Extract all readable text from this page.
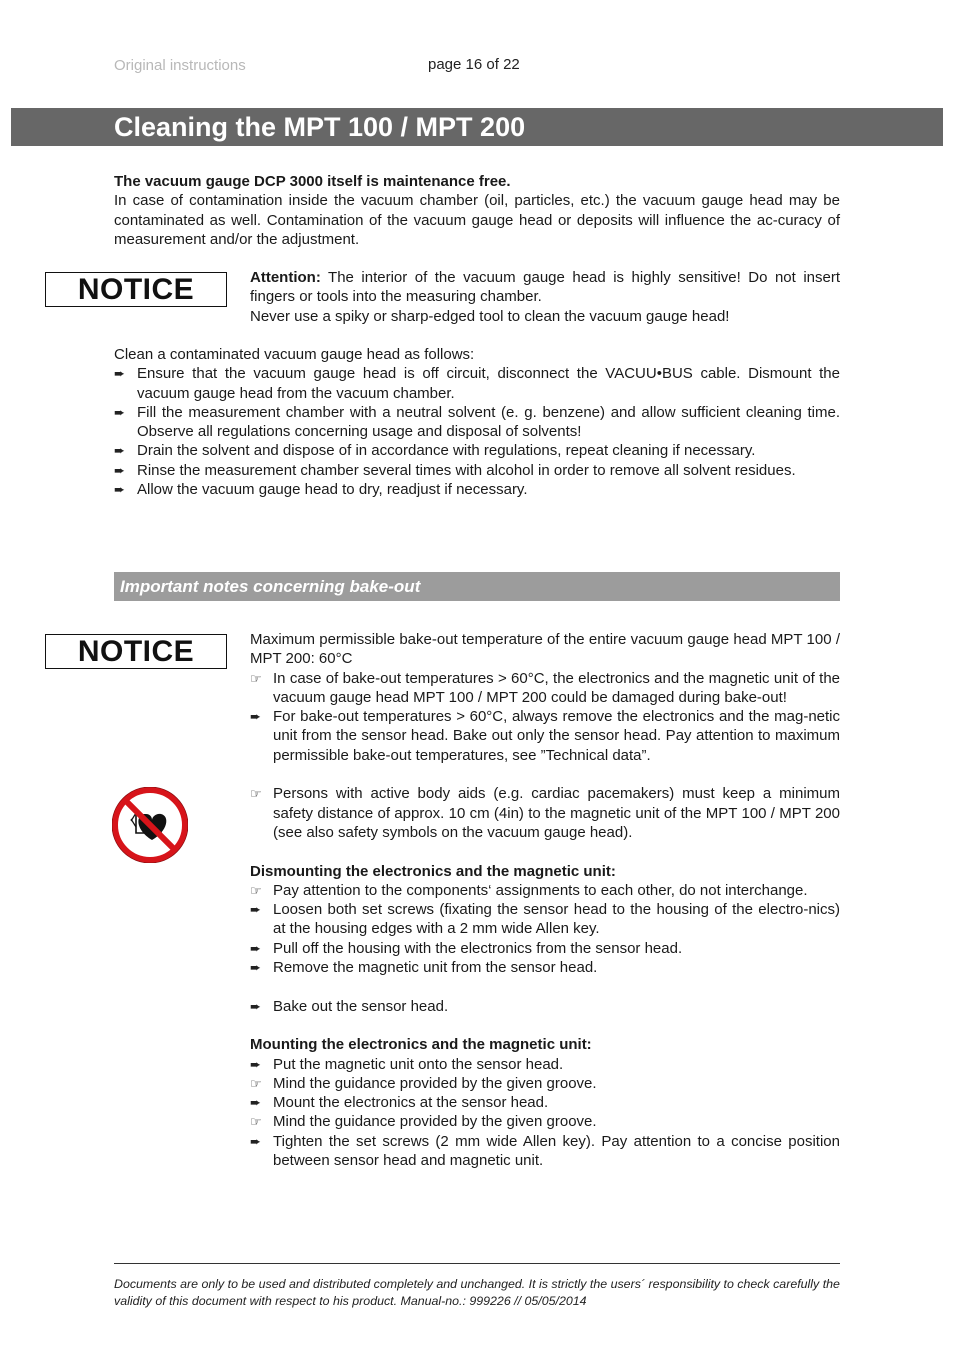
Original instructions	page 16 of 22
Cleaning the MPT 100 / MPT 200
The vacuum gauge DCP 3000 itself is maintenance free.
In case of contamination inside the vacuum chamber (oil, particles, etc.) the vacuum gauge head may be contaminated as well. Contamination of the vacuum gauge head or deposits will influence the ac-curacy of measurement and/or the adjustment.
NOTICE	Attention: The interior of the vacuum gauge head is highly sensitive! Do not insert fingers or tools into the measuring chamber.
Never use a spiky or sharp-edged tool to clean the vacuum gauge head!
Clean a contaminated vacuum gauge head as follows:
➨ Ensure that the vacuum gauge head is off circuit, disconnect the VACUU•BUS cable. Dismount the vacuum gauge head from the vacuum chamber.
➨ Fill the measurement chamber with a neutral solvent (e. g. benzene) and allow sufficient cleaning time. Observe all regulations concerning usage and disposal of solvents!
➨ Drain the solvent and dispose of in accordance with regulations, repeat cleaning if necessary.
➨ Rinse the measurement chamber several times with alcohol in order to remove all solvent residues.
➨ Allow the vacuum gauge head to dry, readjust if necessary.
Important notes concerning bake-out
NOTICE	Maximum permissible bake-out temperature of the entire vacuum gauge head MPT 100 / MPT 200: 60°C
☞ In case of bake-out temperatures > 60°C, the electronics and the magnetic unit of the vacuum gauge head MPT 100 / MPT 200 could be damaged during bake-out!
➨ For bake-out temperatures > 60°C, always remove the electronics and the mag-netic unit from the sensor head. Bake out only the sensor head. Pay attention to maximum permissible bake-out temperatures, see ”Technical data”.
☞ Persons with active body aids (e.g. cardiac pacemakers) must keep a minimum safety distance of approx. 10 cm (4in) to the magnetic unit of the MPT 100 / MPT 200 (see also safety symbols on the vacuum gauge head).
Dismounting the electronics and the magnetic unit:
☞ Pay attention to the components‘ assignments to each other, do not interchange.
➨ Loosen both set screws (fixating the sensor head to the housing of the electro-nics) at the housing edges with a 2 mm wide Allen key.
➨ Pull off the housing with the electronics from the sensor head.
➨ Remove the magnetic unit from the sensor head.
➨ Bake out the sensor head.
Mounting the electronics and the magnetic unit:
➨ Put the magnetic unit onto the sensor head.
☞ Mind the guidance provided by the given groove.
➨ Mount the electronics at the sensor head.
☞ Mind the guidance provided by the given groove.
➨ Tighten the set screws (2 mm wide Allen key). Pay attention to a concise position between sensor head and magnetic unit.
Documents are only to be used and distributed completely and unchanged. It is strictly the users´ responsibility to check carefully the validity of this document with respect to his product. Manual-no.: 999226 // 05/05/2014
